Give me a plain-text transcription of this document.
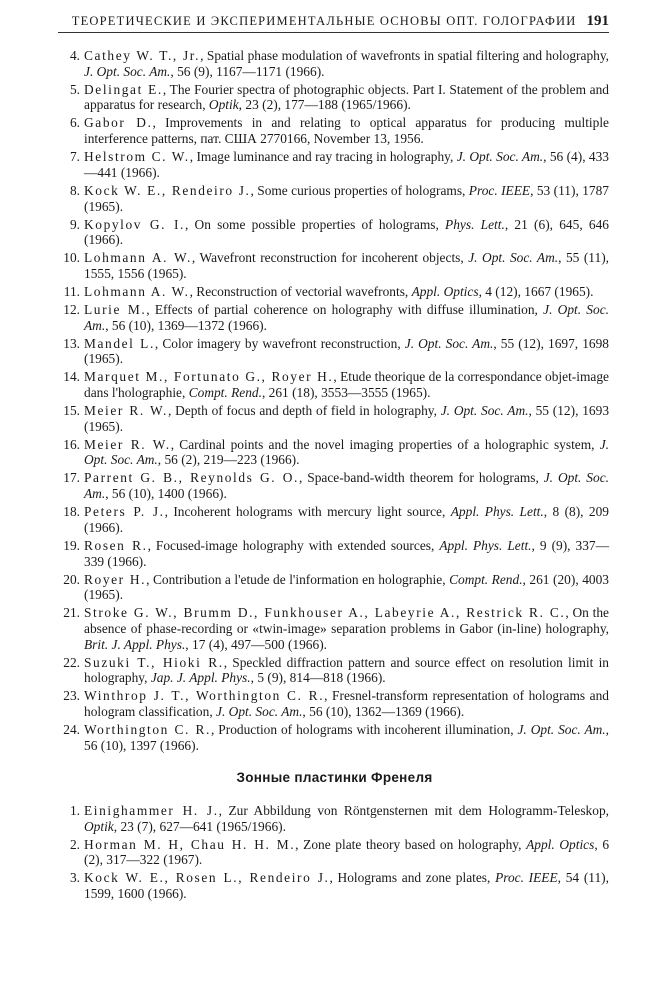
ТЕОРЕТИЧЕСКИЕ И ЭКСПЕРИМЕНТАЛЬНЫЕ ОСНОВЫ ОПТ. ГОЛОГРАФИИ 191
4. Cathey W. T., Jr., Spatial phase modulation of wavefronts in spatial filtering and holography, J. Opt. Soc. Am., 56 (9), 1167—1171 (1966).
5. Delingat E., The Fourier spectra of photographic objects. Part I. Statement of the problem and apparatus for research, Optik, 23 (2), 177—188 (1965/1966).
6. Gabor D., Improvements in and relating to optical apparatus for producing multiple interference patterns, пат. США 2770166, November 13, 1956.
7. Helstrom C. W., Image luminance and ray tracing in holography, J. Opt. Soc. Am., 56 (4), 433—441 (1966).
8. Kock W. E., Rendeiro J., Some curious properties of holograms, Proc. IEEE, 53 (11), 1787 (1965).
9. Kopylov G. I., On some possible properties of holograms, Phys. Lett., 21 (6), 645, 646 (1966).
10. Lohmann A. W., Wavefront reconstruction for incoherent objects, J. Opt. Soc. Am., 55 (11), 1555, 1556 (1965).
11. Lohmann A. W., Reconstruction of vectorial wavefronts, Appl. Optics, 4 (12), 1667 (1965).
12. Lurie M., Effects of partial coherence on holography with diffuse illumination, J. Opt. Soc. Am., 56 (10), 1369—1372 (1966).
13. Mandel L., Color imagery by wavefront reconstruction, J. Opt. Soc. Am., 55 (12), 1697, 1698 (1965).
14. Marquet M., Fortunato G., Royer H., Etude theorique de la correspondance objet-image dans l'holographie, Compt. Rend., 261 (18), 3553—3555 (1965).
15. Meier R. W., Depth of focus and depth of field in holography, J. Opt. Soc. Am., 55 (12), 1693 (1965).
16. Meier R. W., Cardinal points and the novel imaging properties of a holographic system, J. Opt. Soc. Am., 56 (2), 219—223 (1966).
17. Parrent G. B., Reynolds G. O., Space-band-width theorem for holograms, J. Opt. Soc. Am., 56 (10), 1400 (1966).
18. Peters P. J., Incoherent holograms with mercury light source, Appl. Phys. Lett., 8 (8), 209 (1966).
19. Rosen R., Focused-image holography with extended sources, Appl. Phys. Lett., 9 (9), 337—339 (1966).
20. Royer H., Contribution a l'etude de l'information en holographie, Compt. Rend., 261 (20), 4003 (1965).
21. Stroke G. W., Brumm D., Funkhouser A., Labeyrie A., Restrick R. C., On the absence of phase-recording or «twin-image» separation problems in Gabor (in-line) holography, Brit. J. Appl. Phys., 17 (4), 497—500 (1966).
22. Suzuki T., Hioki R., Speckled diffraction pattern and source effect on resolution limit in holography, Jap. J. Appl. Phys., 5 (9), 814—818 (1966).
23. Winthrop J. T., Worthington C. R., Fresnel-transform representation of holograms and hologram classification, J. Opt. Soc. Am., 56 (10), 1362—1369 (1966).
24. Worthington C. R., Production of holograms with incoherent illumination, J. Opt. Soc. Am., 56 (10), 1397 (1966).
Зонные пластинки Френеля
1. Einighammer H. J., Zur Abbildung von Röntgensternen mit dem Hologramm-Teleskop, Optik, 23 (7), 627—641 (1965/1966).
2. Horman M. H, Chau H. H. M., Zone plate theory based on holography, Appl. Optics, 6 (2), 317—322 (1967).
3. Kock W. E., Rosen L., Rendeiro J., Holograms and zone plates, Proc. IEEE, 54 (11), 1599, 1600 (1966).
